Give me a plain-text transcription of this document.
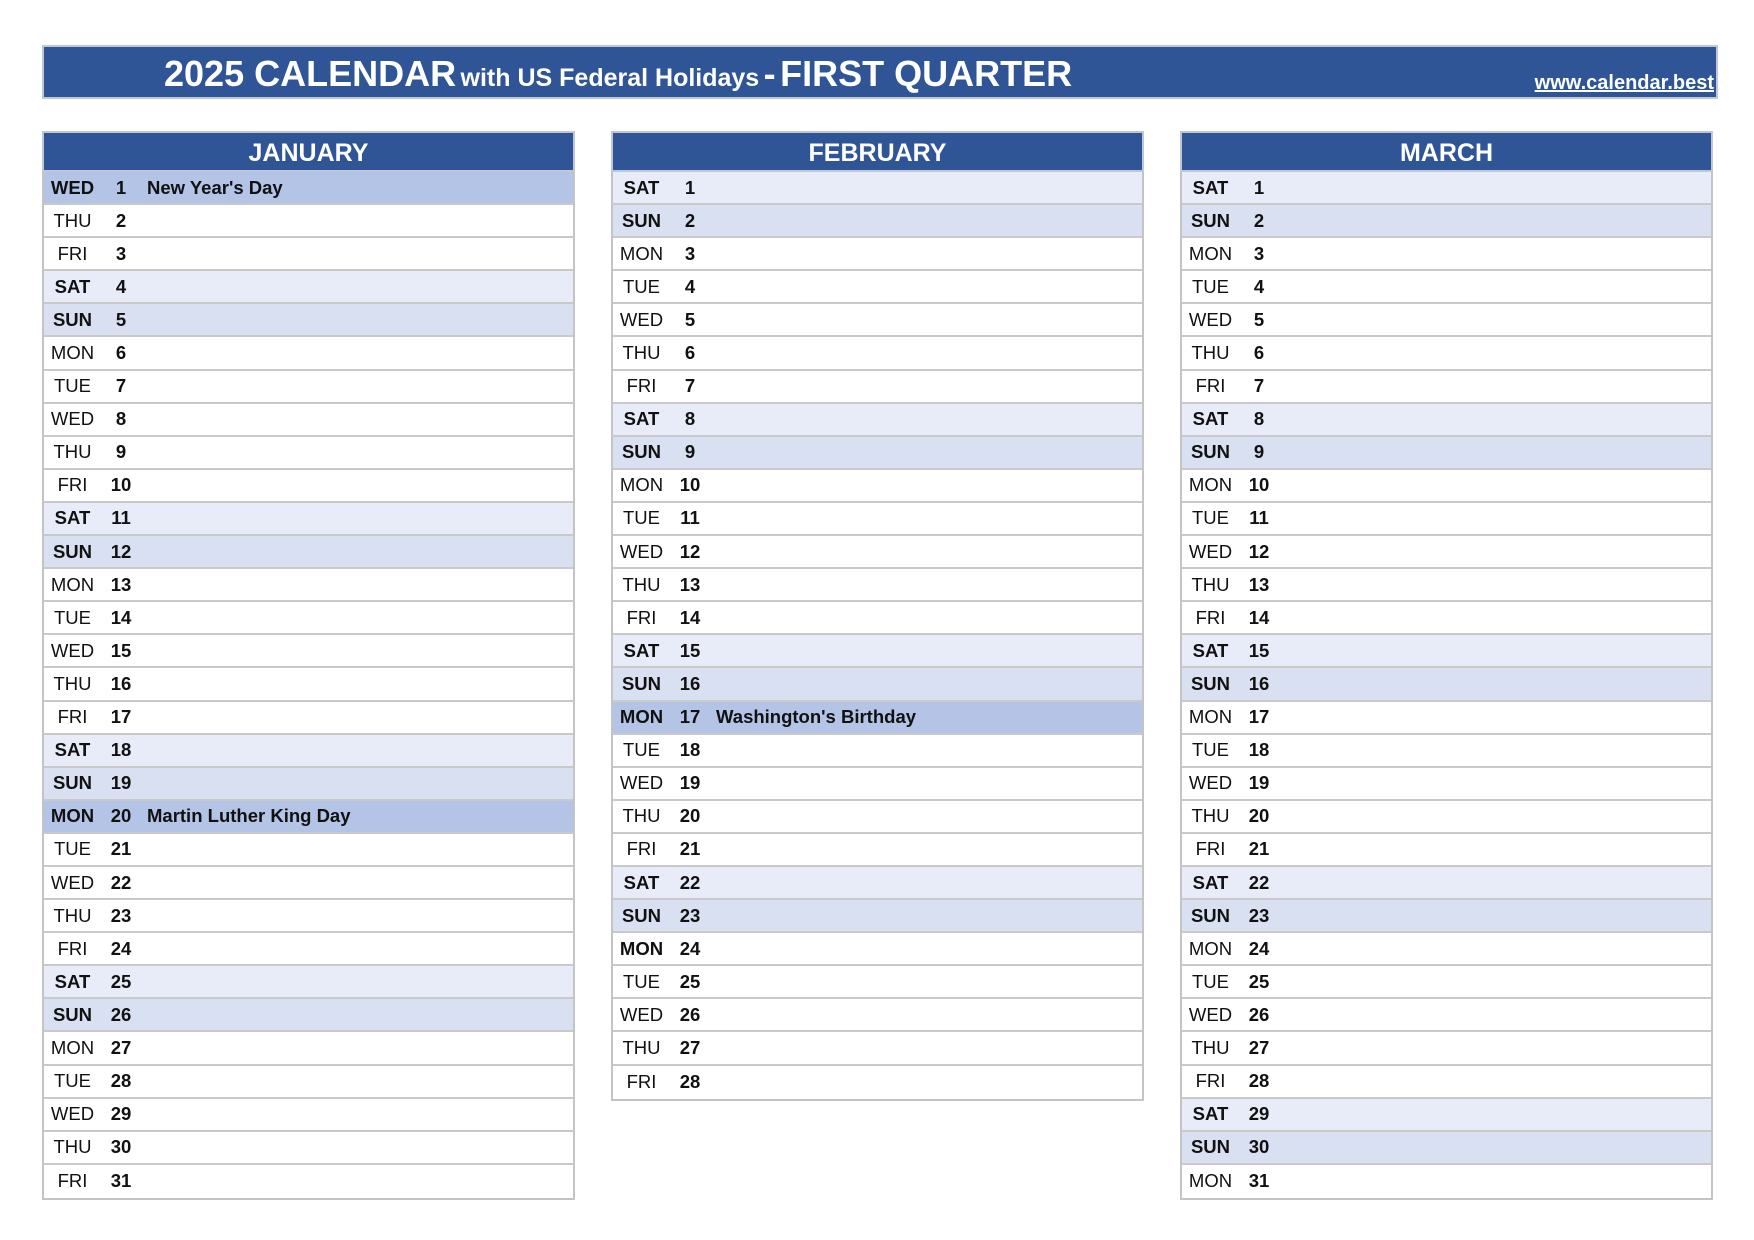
2025 CALENDAR with US Federal Holidays - FIRST QUARTER	www.calendar.best
JANUARY
WED	1	New Year's Day
THU	2
FRI	3
SAT	4
SUN	5
MON	6
TUE	7
WED	8
THU	9
FRI	10
SAT	11
SUN	12
MON 13
TUE	14
WED 15
THU	16
FRI	17
SAT	18
SUN	19
MON 20 Martin Luther King Day
TUE	21
WED 22
THU	23
FRI	24
SAT	25
SUN	26
MON 27
TUE	28
WED 29
THU	30
FRI	31
FEBRUARY
SAT	1
SUN	2
MON	3
TUE	4
WED	5
THU	6
FRI	7
SAT	8
SUN	9
MON 10
TUE	11
WED 12
THU	13
FRI	14
SAT	15
SUN	16
MON 17 Washington's Birthday
TUE	18
WED 19
THU	20
FRI	21
SAT	22
SUN	23
MON 24
TUE	25
WED 26
THU	27
FRI	28
MARCH
SAT	1
SUN	2
MON	3
TUE	4
WED	5
THU	6
FRI	7
SAT	8
SUN	9
MON 10
TUE	11
WED 12
THU	13
FRI	14
SAT	15
SUN	16
MON 17
TUE	18
WED 19
THU	20
FRI	21
SAT	22
SUN	23
MON 24
TUE	25
WED 26
THU	27
FRI	28
SAT	29
SUN	30
MON 31
